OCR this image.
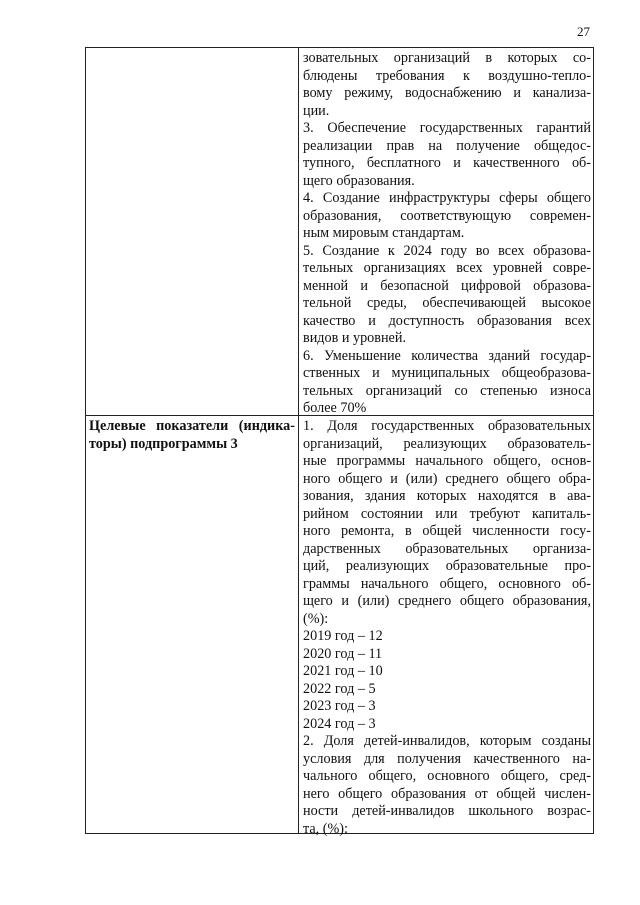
27
зовательных организаций в которых со-
блюдены требования к воздушно-тепло-
вому режиму, водоснабжению и канализа-
ции.
3. Обеспечение государственных гарантий
реализации прав на получение общедос-
тупного, бесплатного и качественного об-
щего образования.
4. Создание инфраструктуры сферы общего
образования, соответствующую современ-
ным мировым стандартам.
5. Создание к 2024 году во всех образова-
тельных организациях всех уровней совре-
менной и безопасной цифровой образова-
тельной среды, обеспечивающей высокое
качество и доступность образования всех
видов и уровней.
6. Уменьшение количества зданий государ-
ственных и муниципальных общеобразова-
тельных организаций со степенью износа
более 70%
Целевые показатели (индика-
торы) подпрограммы 3
1. Доля государственных образовательных
организаций, реализующих образователь-
ные программы начального общего, основ-
ного общего и (или) среднего общего обра-
зования, здания которых находятся в ава-
рийном состоянии или требуют капиталь-
ного ремонта, в общей численности госу-
дарственных образовательных организа-
ций, реализующих образовательные про-
граммы начального общего, основного об-
щего и (или) среднего общего образования,
(%):
2019 год – 12
2020 год – 11
2021 год – 10
2022 год – 5
2023 год – 3
2024 год – 3
2. Доля детей-инвалидов, которым созданы
условия для получения качественного на-
чального общего, основного общего, сред-
него общего образования от общей числен-
ности детей-инвалидов школьного возрас-
та, (%):
